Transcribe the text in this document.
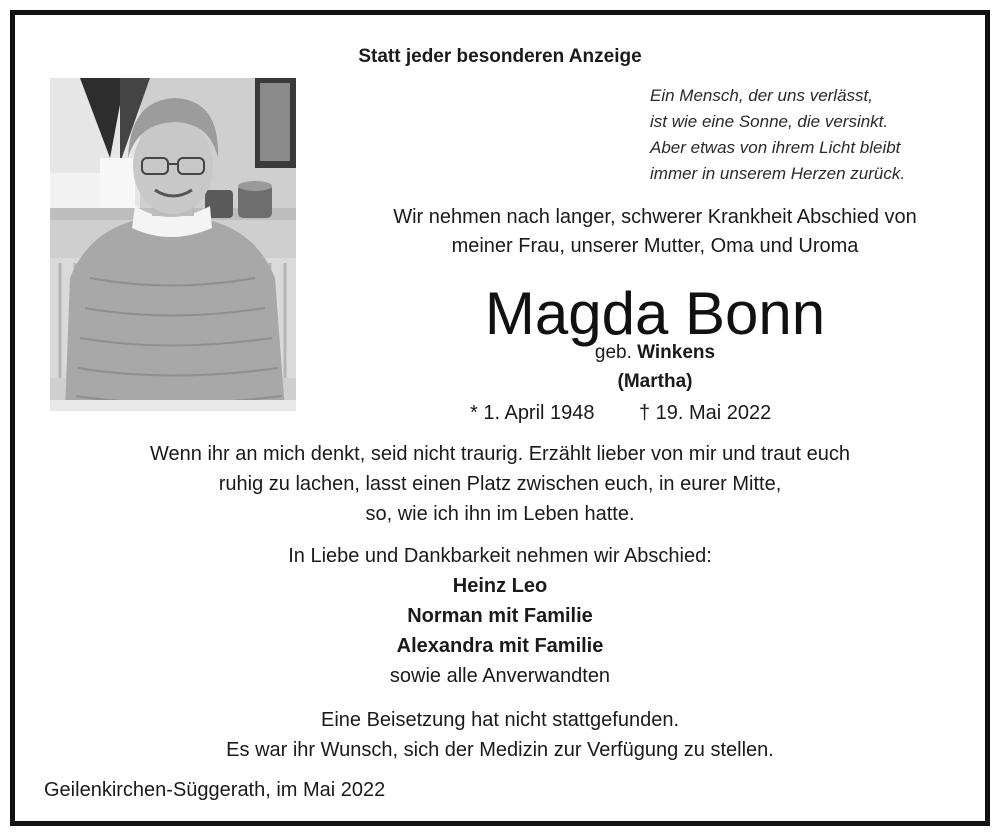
Statt jeder besonderen Anzeige
Ein Mensch, der uns verlässt,
ist wie eine Sonne, die versinkt.
Aber etwas von ihrem Licht bleibt
immer in unserem Herzen zurück.
Wir nehmen nach langer, schwerer Krankheit Abschied von
meiner Frau, unserer Mutter, Oma und Uroma
Magda Bonn
geb. Winkens
(Martha)
* 1. April 1948 † 19. Mai 2022
Wenn ihr an mich denkt, seid nicht traurig. Erzählt lieber von mir und traut euch
ruhig zu lachen, lasst einen Platz zwischen euch, in eurer Mitte,
so, wie ich ihn im Leben hatte.
In Liebe und Dankbarkeit nehmen wir Abschied:
Heinz Leo
Norman mit Familie
Alexandra mit Familie
sowie alle Anverwandten
Eine Beisetzung hat nicht stattgefunden.
Es war ihr Wunsch, sich der Medizin zur Verfügung zu stellen.
Geilenkirchen-Süggerath, im Mai 2022
